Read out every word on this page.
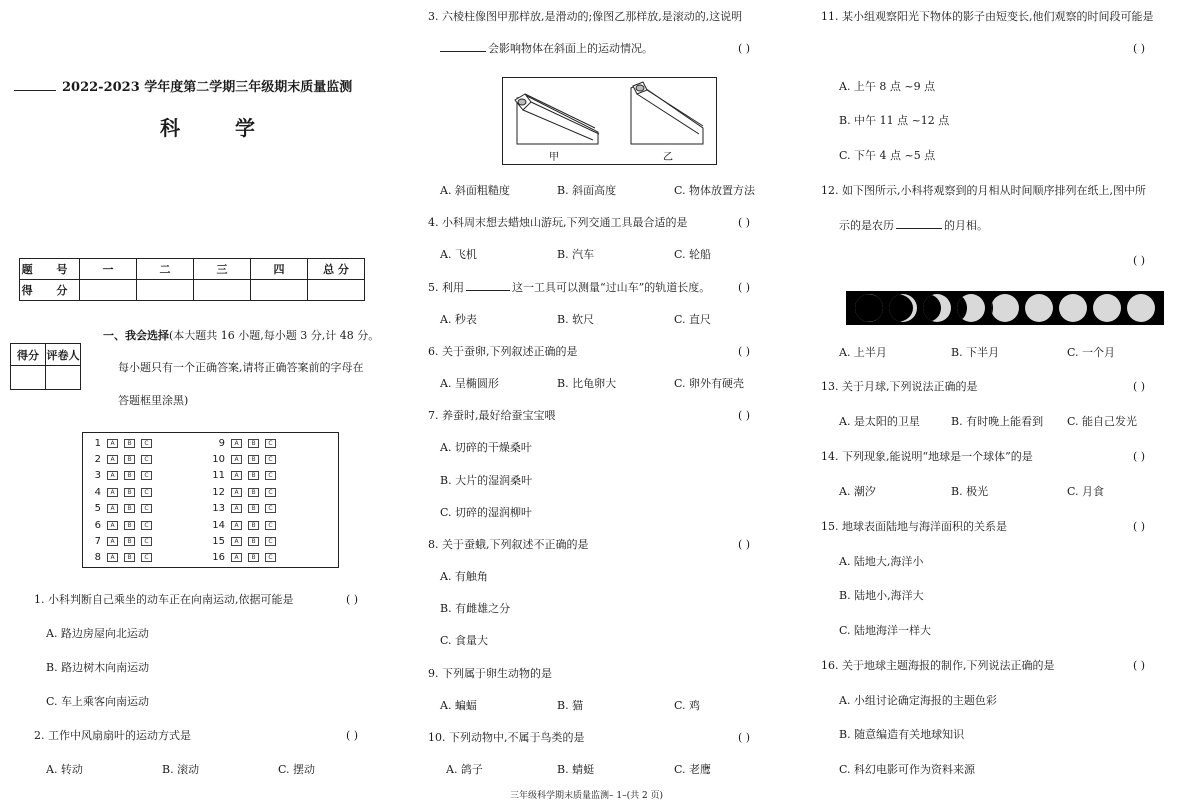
2022-2023 学年度第二学期三年级期末质量监测
科 学
题 号	一	二	三	四	总 分
得 分					
得分	评卷人

一、我会选择(本大题共 16 小题,每小题 3 分,计 48 分。
每小题只有一个正确答案,请将正确答案前的字母在
答题框里涂黑)
1	A	B	C	9	A	B	C
2	A	B	C	10	A	B	C
3	A	B	C	11	A	B	C
4	A	B	C	12	A	B	C
5	A	B	C	13	A	B	C
6	A	B	C	14	A	B	C
7	A	B	C	15	A	B	C
8	A	B	C	16	A	B	C
1. 小科判断自己乘坐的动车正在向南运动,依据可能是	( )
A. 路边房屋向北运动
B. 路边树木向南运动
C. 车上乘客向南运动
2. 工作中风扇扇叶的运动方式是	( )
A. 转动	B. 滚动	C. 摆动
3. 六棱柱像图甲那样放,是滑动的;像图乙那样放,是滚动的,这说明
会影响物体在斜面上的运动情况。	( )
甲	乙
A. 斜面粗糙度	B. 斜面高度	C. 物体放置方法
4. 小科周末想去蜡烛山游玩,下列交通工具最合适的是	( )
A. 飞机	B. 汽车	C. 轮船
5. 利用	这一工具可以测量“过山车”的轨道长度。	( )
A. 秒表	B. 软尺	C. 直尺
6. 关于蚕卵,下列叙述正确的是	( )
A. 呈椭圆形	B. 比龟卵大	C. 卵外有硬壳
7. 养蚕时,最好给蚕宝宝喂	( )
A. 切碎的干燥桑叶
B. 大片的湿润桑叶
C. 切碎的湿润柳叶
8. 关于蚕蛾,下列叙述不正确的是	( )
A. 有触角
B. 有雌雄之分
C. 食量大
9. 下列属于卵生动物的是
A. 蝙蝠	B. 猫	C. 鸡
10. 下列动物中,不属于鸟类的是	( )
A. 鸽子	B. 蜻蜓	C. 老鹰
11. 某小组观察阳光下物体的影子由短变长,他们观察的时间段可能是
( )
A. 上午 8 点 ~9 点
B. 中午 11 点 ~12 点
C. 下午 4 点 ~5 点
12. 如下图所示,小科将观察到的月相从时间顺序排列在纸上,图中所
示的是农历	的月相。
( )
A. 上半月	B. 下半月	C. 一个月
13. 关于月球,下列说法正确的是	( )
A. 是太阳的卫星	B. 有时晚上能看到 C. 能自己发光
14. 下列现象,能说明“地球是一个球体”的是	( )
A. 潮汐	B. 极光	C. 月食
15. 地球表面陆地与海洋面积的关系是	( )
A. 陆地大,海洋小
B. 陆地小,海洋大
C. 陆地海洋一样大
16. 关于地球主题海报的制作,下列说法正确的是	( )
A. 小组讨论确定海报的主题色彩
B. 随意编造有关地球知识
C. 科幻电影可作为资料来源
三年级科学期末质量监测– 1–(共 2 页)
